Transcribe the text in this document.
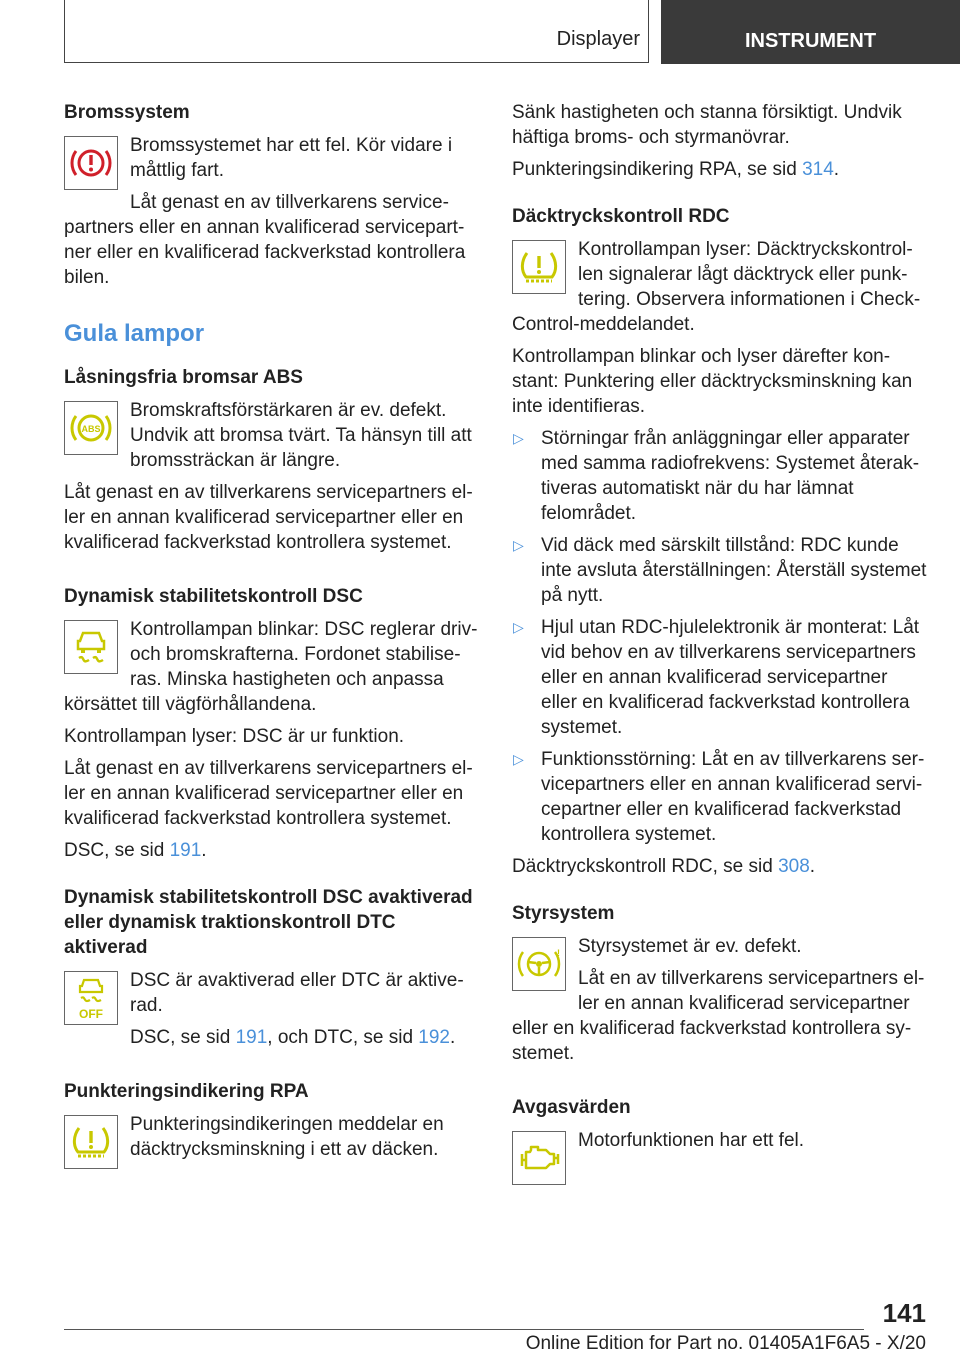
Displayer	INSTRUMENT
Bromssystem

Bromssystemet har ett fel. Kör vidare i måttlig fart.

Låt genast en av tillverkarens servicepartners eller en annan kvalificerad servicepartner eller en kvalificerad fackverkstad kontrollera bilen.

Gula lampor
Låsningsfria bromsar ABS
ABS

Bromskraftsförstärkaren är ev. defekt. Undvik att bromsa tvärt. Ta hänsyn till att bromssträckan är längre.

Låt genast en av tillverkarens servicepartners eller en annan kvalificerad servicepartner eller en kvalificerad fackverkstad kontrollera systemet.

Dynamisk stabilitetskontroll DSC

Kontrollampan blinkar: DSC reglerar driv- och bromskrafterna. Fordonet stabiliseras. Minska hastigheten och anpassa körsättet till vägförhållandena.

Kontrollampan lyser: DSC är ur funktion.

Låt genast en av tillverkarens servicepartners eller en annan kvalificerad servicepartner eller en kvalificerad fackverkstad kontrollera systemet.

DSC, se sid 191.

Dynamisk stabilitetskontroll DSC avaktiverad eller dynamisk traktionskontroll DTC aktiverad
OFF

DSC är avaktiverad eller DTC är aktiverad.

DSC, se sid 191, och DTC, se sid 192.

Punkteringsindikering RPA

Punkteringsindikeringen meddelar en däcktrycksminskning i ett av däcken.

Sänk hastigheten och stanna försiktigt. Undvik häftiga broms- och styrmanövrar.

Punkteringsindikering RPA, se sid 314.

Däcktryckskontroll RDC

Kontrollampan lyser: Däcktryckskontrollen signalerar lågt däcktryck eller punktering. Observera informationen i Check-Control-meddelandet.

Kontrollampan blinkar och lyser därefter konstant: Punktering eller däcktrycksminskning kan inte identifieras.

▷ Störningar från anläggningar eller apparater med samma radiofrekvens: Systemet återaktiveras automatiskt när du har lämnat felområdet.
▷ Vid däck med särskilt tillstånd: RDC kunde inte avsluta återställningen: Återställ systemet på nytt.
▷ Hjul utan RDC-hjulelektronik är monterat: Låt vid behov en av tillverkarens servicepartners eller en annan kvalificerad servicepartner eller en kvalificerad fackverkstad kontrollera systemet.
▷ Funktionsstörning: Låt en av tillverkarens servicepartners eller en annan kvalificerad servicepartner eller en kvalificerad fackverkstad kontrollera systemet.

Däcktryckskontroll RDC, se sid 308.

Styrsystem
! Styrsystemet är ev. defekt.

Låt en av tillverkarens servicepartners eller en annan kvalificerad servicepartner eller en kvalificerad fackverkstad kontrollera systemet.

Avgasvärden

Motorfunktionen har ett fel.

141
Online Edition for Part no. 01405A1F6A5 - X/20
